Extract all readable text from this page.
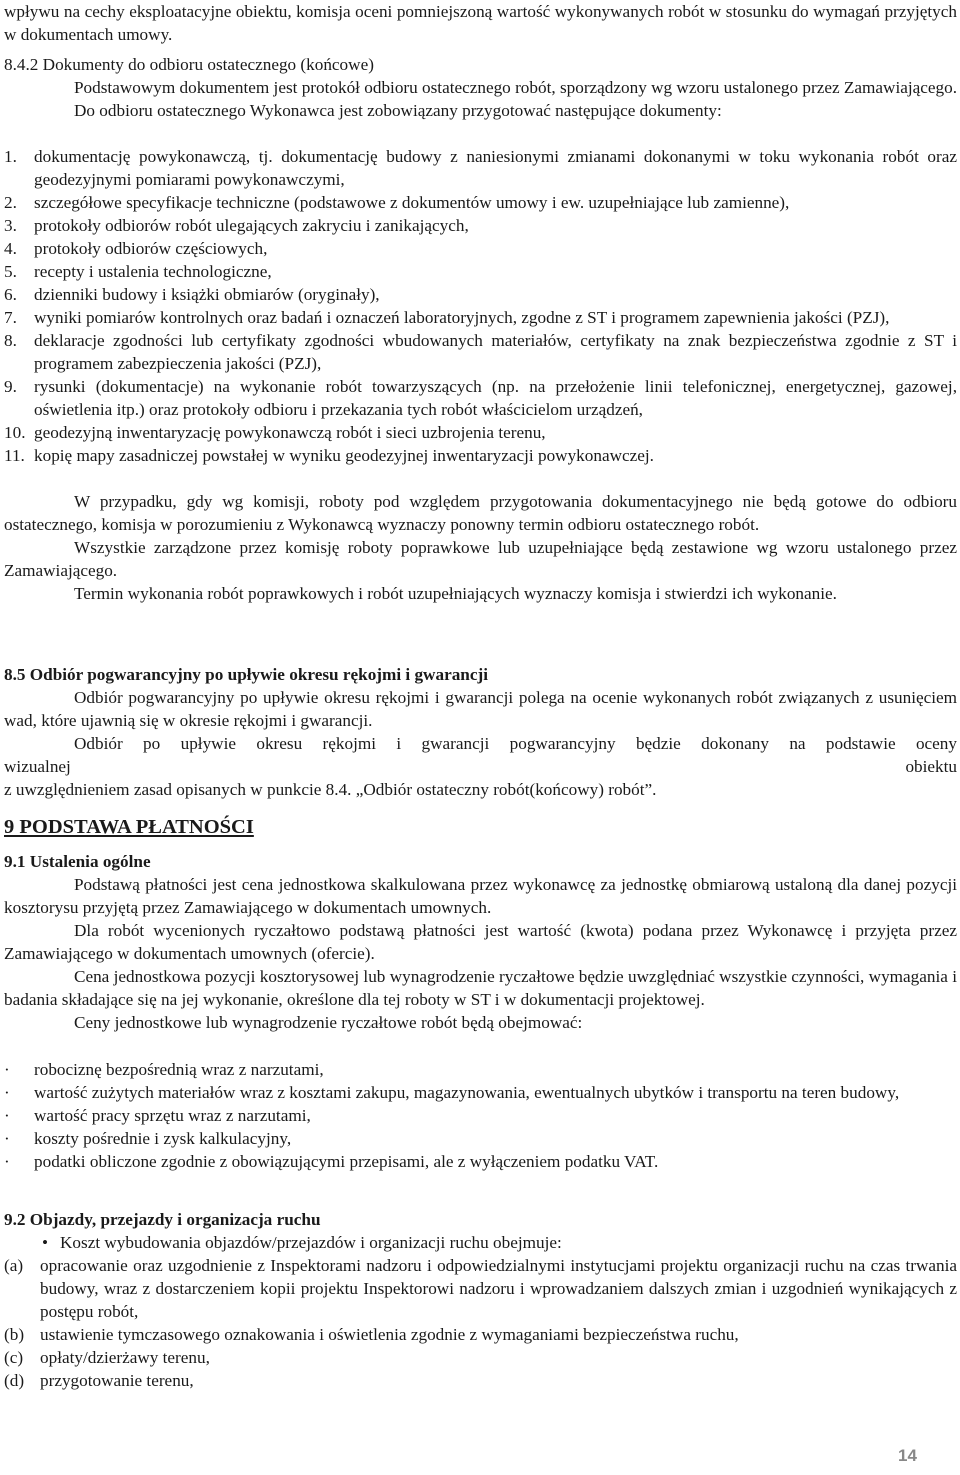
wpływu na cechy eksploatacyjne obiektu, komisja oceni pomniejszoną wartość wykonywanych robót w stosunku do wymagań przyjętych w dokumentach umowy.

8.4.2 Dokumenty do odbioru ostatecznego (końcowe)

Podstawowym dokumentem jest protokół odbioru ostatecznego robót, sporządzony wg wzoru ustalonego przez Zamawiającego.

Do odbioru ostatecznego Wykonawca jest zobowiązany przygotować następujące dokumenty:

1. dokumentację powykonawczą, tj. dokumentację budowy z naniesionymi zmianami dokonanymi w toku wykonania robót oraz geodezyjnymi pomiarami powykonawczymi,
2. szczegółowe specyfikacje techniczne (podstawowe z dokumentów umowy i ew. uzupełniające lub zamienne),
3. protokoły odbiorów robót ulegających zakryciu i zanikających,
4. protokoły odbiorów częściowych,
5. recepty i ustalenia technologiczne,
6. dzienniki budowy i książki obmiarów (oryginały),
7. wyniki pomiarów kontrolnych oraz badań i oznaczeń laboratoryjnych, zgodne z ST i programem zapewnienia jakości (PZJ),
8. deklaracje zgodności lub certyfikaty zgodności wbudowanych materiałów, certyfikaty na znak bezpieczeństwa zgodnie z ST i programem zabezpieczenia jakości (PZJ),
9. rysunki (dokumentacje) na wykonanie robót towarzyszących (np. na przełożenie linii telefonicznej, energetycznej, gazowej, oświetlenia itp.) oraz protokoły odbioru i przekazania tych robót właścicielom urządzeń,
10. geodezyjną inwentaryzację powykonawczą robót i sieci uzbrojenia terenu,
11. kopię mapy zasadniczej powstałej w wyniku geodezyjnej inwentaryzacji powykonawczej.

W przypadku, gdy wg komisji, roboty pod względem przygotowania dokumentacyjnego nie będą gotowe do odbioru ostatecznego, komisja w porozumieniu z Wykonawcą wyznaczy ponowny termin odbioru ostatecznego robót.

Wszystkie zarządzone przez komisję roboty poprawkowe lub uzupełniające będą zestawione wg wzoru ustalonego przez Zamawiającego.

Termin wykonania robót poprawkowych i robót uzupełniających wyznaczy komisja i stwierdzi ich wykonanie.

8.5 Odbiór pogwarancyjny po upływie okresu rękojmi i gwarancji

Odbiór pogwarancyjny po upływie okresu rękojmi i gwarancji polega na ocenie wykonanych robót związanych z usunięciem wad, które ujawnią się w okresie rękojmi i gwarancji.

Odbiór po upływie okresu rękojmi i gwarancji pogwarancyjny będzie dokonany na podstawie oceny

wizualnej	obiektu

z uwzględnieniem zasad opisanych w punkcie 8.4. „Odbiór ostateczny robót(końcowy) robót”.

9 PODSTAWA PŁATNOŚCI

9.1 Ustalenia ogólne

Podstawą płatności jest cena jednostkowa skalkulowana przez wykonawcę za jednostkę obmiarową ustaloną dla danej pozycji kosztorysu przyjętą przez Zamawiającego w dokumentach umownych.

Dla robót wycenionych ryczałtowo podstawą płatności jest wartość (kwota) podana przez Wykonawcę i przyjęta przez Zamawiającego w dokumentach umownych (ofercie).

Cena jednostkowa pozycji kosztorysowej lub wynagrodzenie ryczałtowe będzie uwzględniać wszystkie czynności, wymagania i badania składające się na jej wykonanie, określone dla tej roboty w ST i w dokumentacji projektowej.

Ceny jednostkowe lub wynagrodzenie ryczałtowe robót będą obejmować:

· robociznę bezpośrednią wraz z narzutami,
· wartość zużytych materiałów wraz z kosztami zakupu, magazynowania, ewentualnych ubytków i transportu na teren budowy,
· wartość pracy sprzętu wraz z narzutami,
· koszty pośrednie i zysk kalkulacyjny,
· podatki obliczone zgodnie z obowiązującymi przepisami, ale z wyłączeniem podatku VAT.

9.2 Objazdy, przejazdy i organizacja ruchu

• Koszt wybudowania objazdów/przejazdów i organizacji ruchu obejmuje:
(a) opracowanie oraz uzgodnienie z Inspektorami nadzoru i odpowiedzialnymi instytucjami projektu organizacji ruchu na czas trwania budowy, wraz z dostarczeniem kopii projektu Inspektorowi nadzoru i wprowadzaniem dalszych zmian i uzgodnień wynikających z postępu robót,
(b) ustawienie tymczasowego oznakowania i oświetlenia zgodnie z wymaganiami bezpieczeństwa ruchu,
(c) opłaty/dzierżawy terenu,
(d) przygotowanie terenu,
14
